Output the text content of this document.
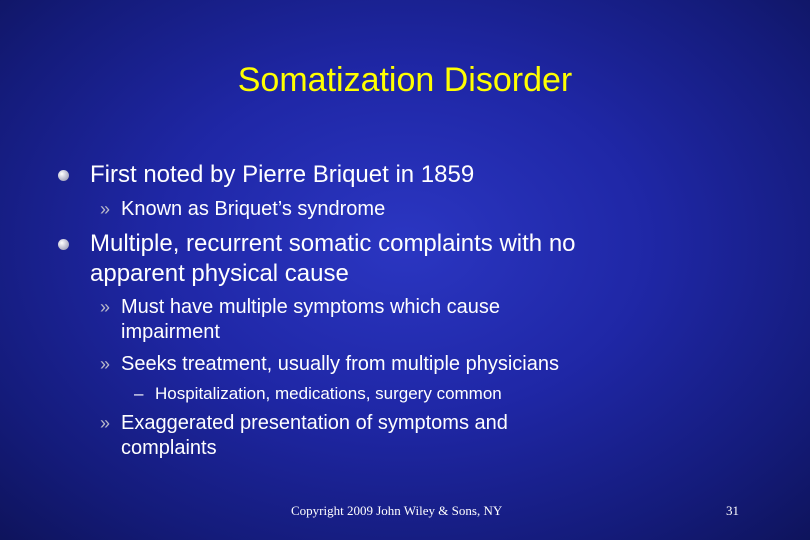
Somatization Disorder
First noted by Pierre Briquet in 1859
» Known as Briquet’s syndrome
Multiple, recurrent somatic complaints with no
apparent physical cause
» Must have multiple symptoms which cause
impairment
» Seeks treatment, usually from multiple physicians
– Hospitalization, medications, surgery common
» Exaggerated presentation of symptoms and
complaints
Copyright 2009 John Wiley & Sons, NY	31
